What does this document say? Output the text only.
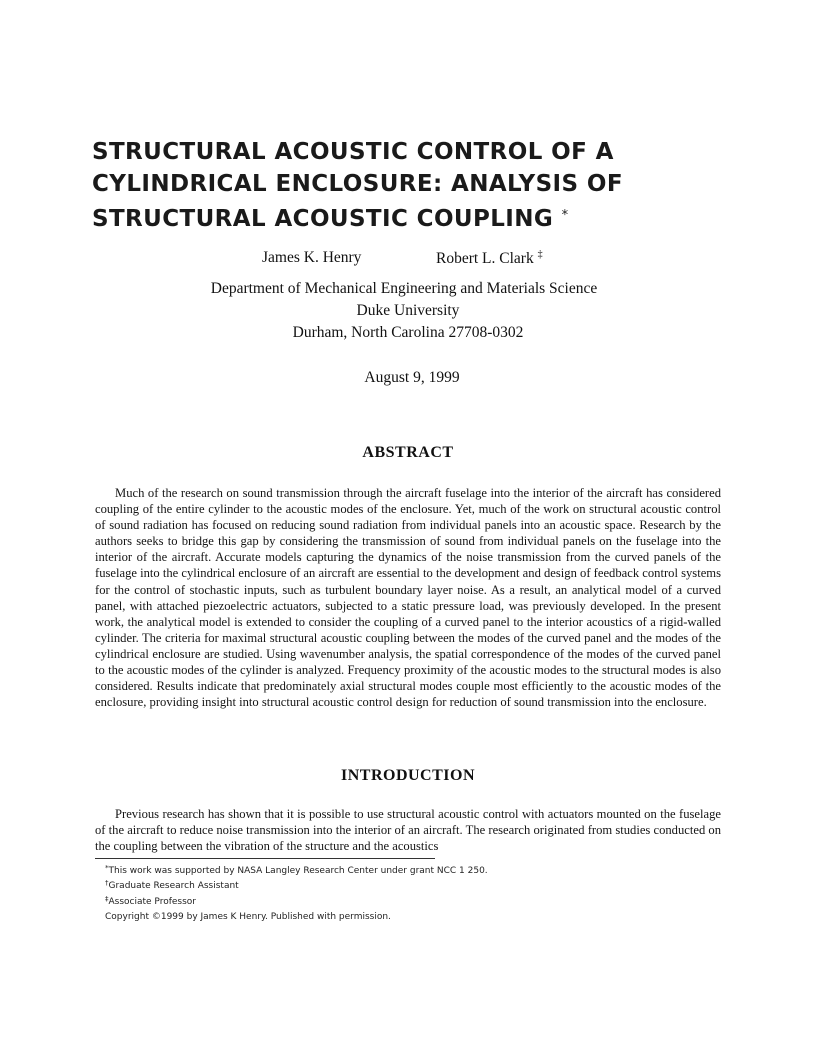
STRUCTURAL ACOUSTIC CONTROL OF A
CYLINDRICAL ENCLOSURE: ANALYSIS OF
STRUCTURAL ACOUSTIC COUPLING *
James K. Henry	Robert L. Clark ‡
Department of Mechanical Engineering and Materials Science
Duke University
Durham, North Carolina 27708-0302
August 9, 1999
ABSTRACT

Much of the research on sound transmission through the aircraft fuselage into the interior of the aircraft has considered coupling of the entire cylinder to the acoustic modes of the enclosure. Yet, much of the work on structural acoustic control of sound radiation has focused on reducing sound radiation from individual panels into an acoustic space. Research by the authors seeks to bridge this gap by considering the transmission of sound from individual panels on the fuselage into the interior of the aircraft. Accurate models capturing the dynamics of the noise transmission from the curved panels of the fuselage into the cylindrical enclosure of an aircraft are essential to the development and design of feedback control systems for the control of stochastic inputs, such as turbulent boundary layer noise. As a result, an analytical model of a curved panel, with attached piezoelectric actuators, subjected to a static pressure load, was previously developed. In the present work, the analytical model is extended to consider the coupling of a curved panel to the interior acoustics of a rigid-walled cylinder. The criteria for maximal structural acoustic coupling between the modes of the curved panel and the modes of the cylindrical enclosure are studied. Using wavenumber analysis, the spatial correspondence of the modes of the curved panel to the acoustic modes of the cylinder is analyzed. Frequency proximity of the acoustic modes to the structural modes is also considered. Results indicate that predominately axial structural modes couple most efficiently to the acoustic modes of the enclosure, providing insight into structural acoustic control design for reduction of sound transmission into the enclosure.

INTRODUCTION

Previous research has shown that it is possible to use structural acoustic control with actuators mounted on the fuselage of the aircraft to reduce noise transmission into the interior of an aircraft. The research originated from studies conducted on the coupling between the vibration of the structure and the acoustics

*This work was supported by NASA Langley Research Center under grant NCC 1 250.
†Graduate Research Assistant
‡Associate Professor
Copyright ©1999 by James K Henry. Published with permission.
